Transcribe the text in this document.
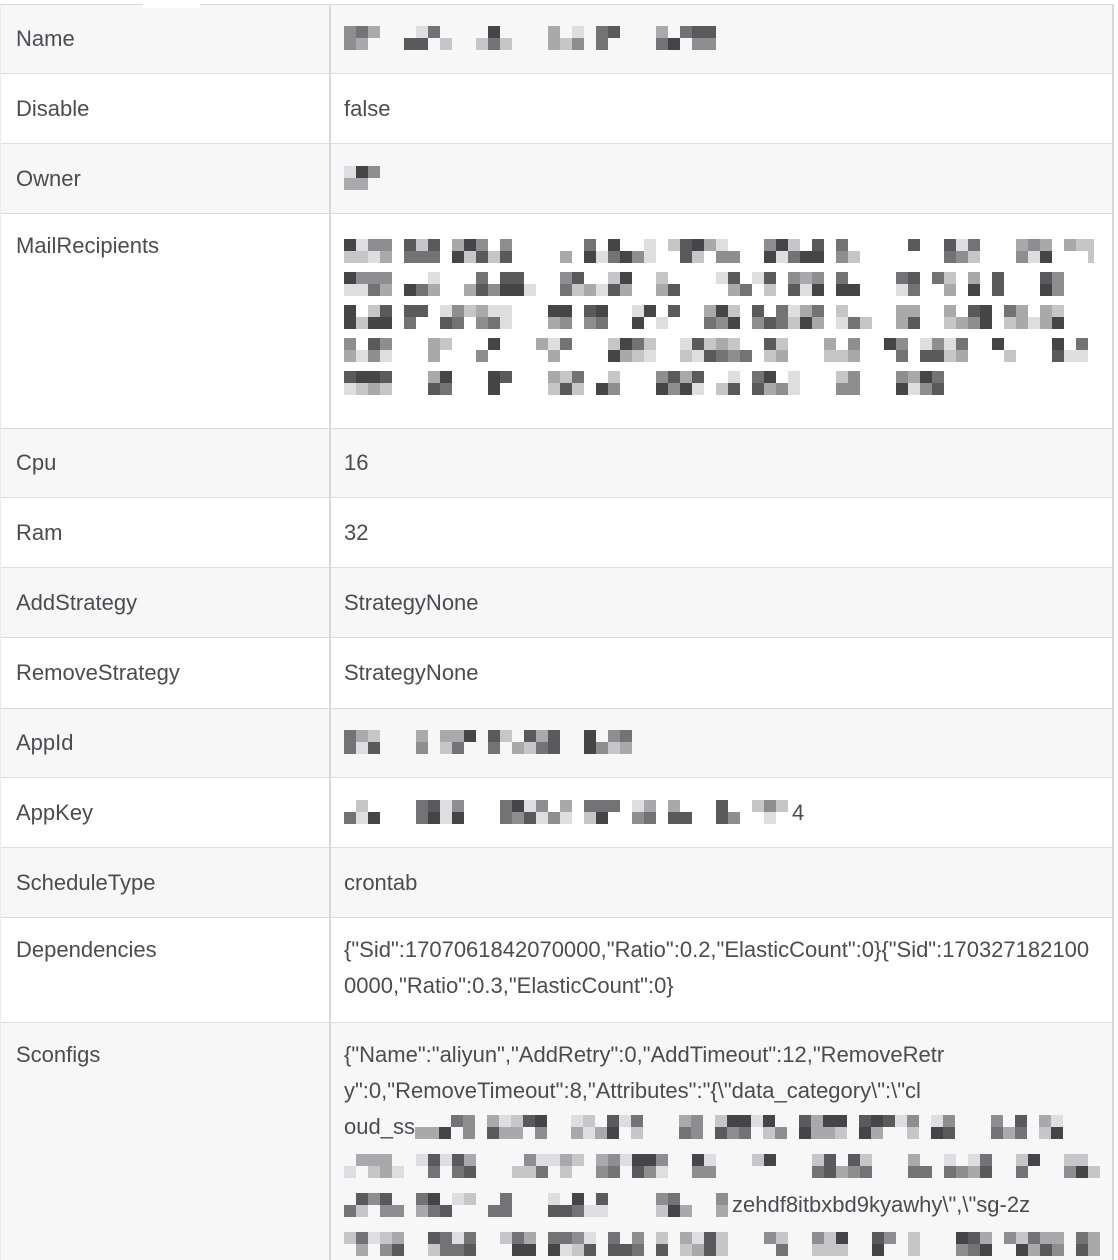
Name
Disable	false
Owner
MailRecipients
Cpu	16
Ram	32
AddStrategy	StrategyNone
RemoveStrategy	StrategyNone
AppId
AppKey	4
ScheduleType	crontab
Dependencies	{"Sid":1707061842070000,"Ratio":0.2,"ElasticCount":0}{"Sid":1703271821000000,"Ratio":0.3,"ElasticCount":0}
Sconfigs	{"Name":"aliyun","AddRetry":0,"AddTimeout":12,"RemoveRetr
y":0,"RemoveTimeout":8,"Attributes":"{\"data_category\":\"cl
oud_ss
zehdf8itbxbd9kyawhy\",\"sg-2z
